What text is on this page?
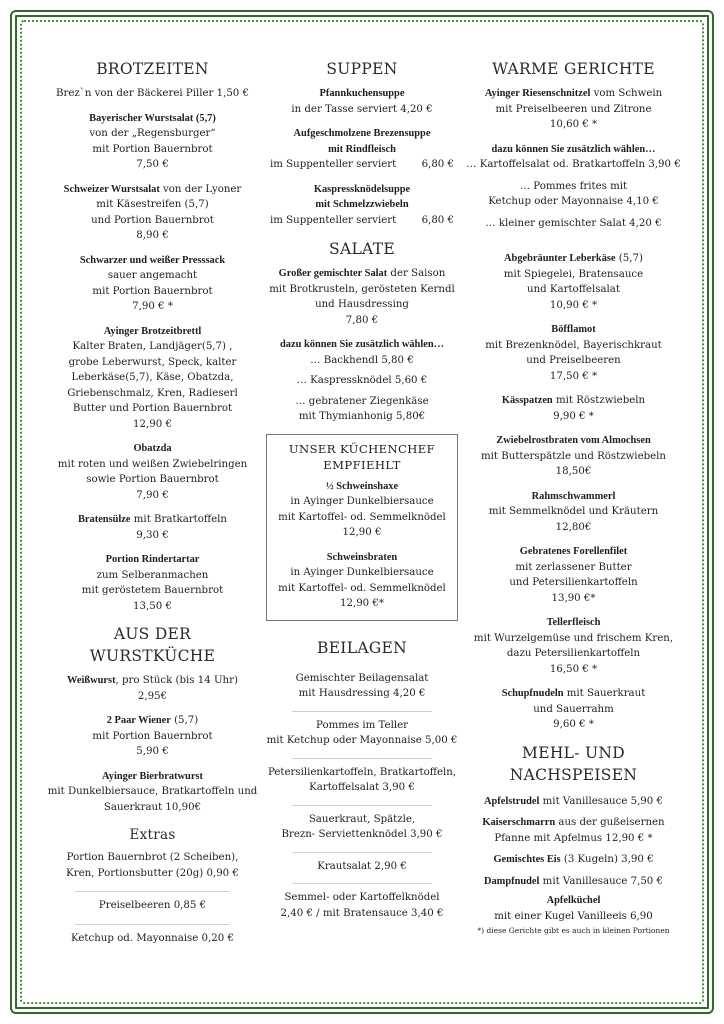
BROTZEITEN
Brez`n von der Bäckerei Piller 1,50 €
Bayerischer Wurstsalat (5,7)
von der „Regensburger“
mit Portion Bauernbrot
7,50 €
Schweizer Wurstsalat von der Lyoner
mit Käsestreifen (5,7)
und Portion Bauernbrot
8,90 €
Schwarzer und weißer Presssack
sauer angemacht
mit Portion Bauernbrot
7,90 € *
Ayinger Brotzeitbrettl
Kalter Braten, Landjäger(5,7) ,
grobe Leberwurst, Speck, kalter
Leberkäse(5,7), Käse, Obatzda,
Griebenschmalz, Kren, Radieserl
Butter und Portion Bauernbrot
12,90 €
Obatzda
mit roten und weißen Zwiebelringen
sowie Portion Bauernbrot
7,90 €
Bratensülze mit Bratkartoffeln
9,30 €
Portion Rindertartar
zum Selberanmachen
mit geröstetem Bauernbrot
13,50 €
AUS DER
WURSTKÜCHE
Weißwurst, pro Stück (bis 14 Uhr)
2,95€
2 Paar Wiener (5,7)
mit Portion Bauernbrot
5,90 €
Ayinger Bierbratwurst
mit Dunkelbiersauce, Bratkartoffeln und
Sauerkraut 10,90€
Extras
Portion Bauernbrot (2 Scheiben),
Kren, Portionsbutter (20g) 0,90 €
Preiselbeeren 0,85 €
Ketchup od. Mayonnaise 0,20 €
SUPPEN
Pfannkuchensuppe
in der Tasse serviert 4,20 €
Aufgeschmolzene Brezensuppe
mit Rindfleisch
im Suppenteller serviert 6,80 €
Kaspressknödelsuppe
mit Schmelzzwiebeln
im Suppenteller serviert 6,80 €
SALATE
Großer gemischter Salat der Saison
mit Brotkrusteln, gerösteten Kerndl
und Hausdressing
7,80 €
dazu können Sie zusätzlich wählen…
… Backhendl 5,80 €
… Kaspressknödel 5,60 €
… gebratener Ziegenkäse
mit Thymianhonig 5,80€
UNSER KÜCHENCHEF
EMPFIEHLT
½ Schweinshaxe
in Ayinger Dunkelbiersauce
mit Kartoffel- od. Semmelknödel
12,90 €
Schweinsbraten
in Ayinger Dunkelbiersauce
mit Kartoffel- od. Semmelknödel
12,90 €*
BEILAGEN
Gemischter Beilagensalat
mit Hausdressing 4,20 €
Pommes im Teller
mit Ketchup oder Mayonnaise 5,00 €
Petersilienkartoffeln, Bratkartoffeln,
Kartoffelsalat 3,90 €
Sauerkraut, Spätzle,
Brezn- Serviettenknödel 3,90 €
Krautsalat 2,90 €
Semmel- oder Kartoffelknödel
2,40 € / mit Bratensauce 3,40 €
WARME GERICHTE
Ayinger Riesenschnitzel vom Schwein
mit Preiselbeeren und Zitrone
10,60 € *
dazu können Sie zusätzlich wählen…
… Kartoffelsalat od. Bratkartoffeln 3,90 €
… Pommes frites mit
Ketchup oder Mayonnaise 4,10 €
… kleiner gemischter Salat 4,20 €
Abgebräunter Leberkäse (5,7)
mit Spiegelei, Bratensauce
und Kartoffelsalat
10,90 € *
Böfflamot
mit Brezenknödel, Bayerischkraut
und Preiselbeeren
17,50 € *
Kässpatzen mit Röstzwiebeln
9,90 € *
Zwiebelrostbraten vom Almochsen
mit Butterspätzle und Röstzwiebeln
18,50€
Rahmschwammerl
mit Semmelknödel und Kräutern
12,80€
Gebratenes Forellenfilet
mit zerlassener Butter
und Petersilienkartoffeln
13,90 €*
Tellerfleisch
mit Wurzelgemüse und frischem Kren,
dazu Petersilienkartoffeln
16,50 € *
Schupfnudeln mit Sauerkraut
und Sauerrahm
9,60 € *
MEHL- UND
NACHSPEISEN
Apfelstrudel mit Vanillesauce 5,90 €
Kaiserschmarrn aus der gußeisernen
Pfanne mit Apfelmus 12,90 € *
Gemischtes Eis (3 Kugeln) 3,90 €
Dampfnudel mit Vanillesauce 7,50 €
Apfelküchel
mit einer Kugel Vanilleeis 6,90
*) diese Gerichte gibt es auch in kleinen Portionen
